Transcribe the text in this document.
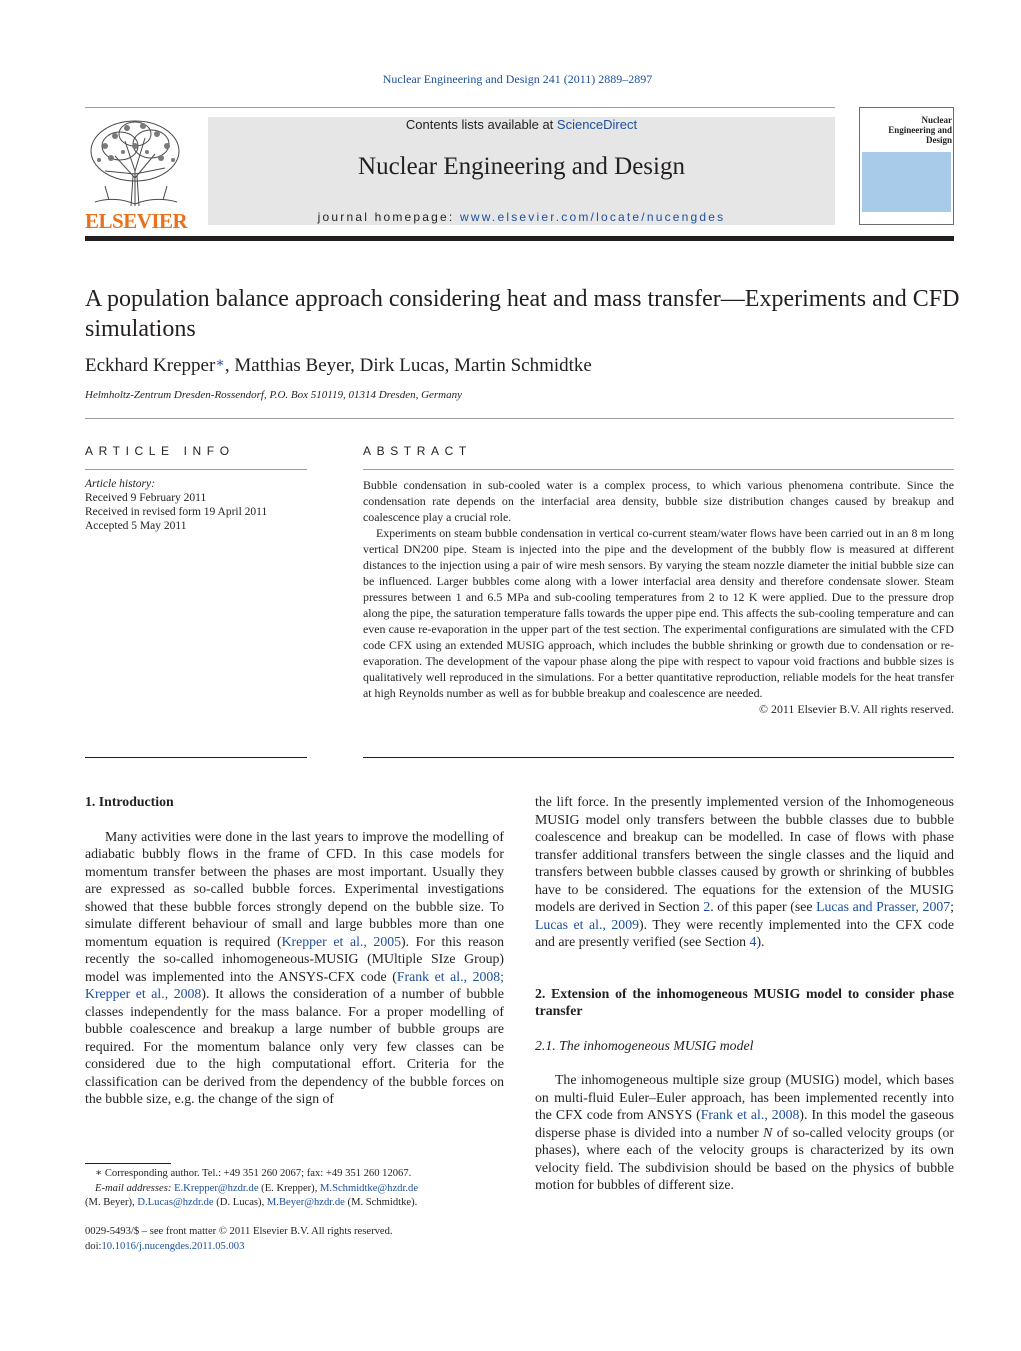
Nuclear Engineering and Design 241 (2011) 2889–2897
ELSEVIER
Contents lists available at ScienceDirect
Nuclear Engineering and Design
journal homepage: www.elsevier.com/locate/nucengdes
Nuclear Engineering and Design
A population balance approach considering heat and mass transfer—Experiments and CFD simulations
Eckhard Krepper∗, Matthias Beyer, Dirk Lucas, Martin Schmidtke
Helmholtz-Zentrum Dresden-Rossendorf, P.O. Box 510119, 01314 Dresden, Germany
ARTICLE INFO	ABSTRACT
Article history:
Received 9 February 2011
Received in revised form 19 April 2011
Accepted 5 May 2011

Bubble condensation in sub-cooled water is a complex process, to which various phenomena contribute. Since the condensation rate depends on the interfacial area density, bubble size distribution changes caused by breakup and coalescence play a crucial role.

Experiments on steam bubble condensation in vertical co-current steam/water flows have been carried out in an 8 m long vertical DN200 pipe. Steam is injected into the pipe and the development of the bubbly flow is measured at different distances to the injection using a pair of wire mesh sensors. By varying the steam nozzle diameter the initial bubble size can be influenced. Larger bubbles come along with a lower interfacial area density and therefore condensate slower. Steam pressures between 1 and 6.5 MPa and sub-cooling temperatures from 2 to 12 K were applied. Due to the pressure drop along the pipe, the saturation temperature falls towards the upper pipe end. This affects the sub-cooling temperature and can even cause re-evaporation in the upper part of the test section. The experimental configurations are simulated with the CFD code CFX using an extended MUSIG approach, which includes the bubble shrinking or growth due to condensation or re-evaporation. The development of the vapour phase along the pipe with respect to vapour void fractions and bubble sizes is qualitatively well reproduced in the simulations. For a better quantitative reproduction, reliable models for the heat transfer at high Reynolds number as well as for bubble breakup and coalescence are needed.

© 2011 Elsevier B.V. All rights reserved.

1. Introduction

Many activities were done in the last years to improve the modelling of adiabatic bubbly flows in the frame of CFD. In this case models for momentum transfer between the phases are most important. Usually they are expressed as so-called bubble forces. Experimental investigations showed that these bubble forces strongly depend on the bubble size. To simulate different behaviour of small and large bubbles more than one momentum equation is required (Krepper et al., 2005). For this reason recently the so-called inhomogeneous-MUSIG (MUltiple SIze Group) model was implemented into the ANSYS-CFX code (Frank et al., 2008; Krepper et al., 2008). It allows the consideration of a number of bubble classes independently for the mass balance. For a proper modelling of bubble coalescence and breakup a large number of bubble groups are required. For the momentum balance only very few classes can be considered due to the high computational effort. Criteria for the classification can be derived from the dependency of the bubble forces on the bubble size, e.g. the change of the sign of

the lift force. In the presently implemented version of the Inhomogeneous MUSIG model only transfers between the bubble classes due to bubble coalescence and breakup can be modelled. In case of flows with phase transfer additional transfers between the single classes and the liquid and transfers between bubble classes caused by growth or shrinking of bubbles have to be considered. The equations for the extension of the MUSIG models are derived in Section 2. of this paper (see Lucas and Prasser, 2007; Lucas et al., 2009). They were recently implemented into the CFX code and are presently verified (see Section 4).

2. Extension of the inhomogeneous MUSIG model to consider phase transfer

2.1. The inhomogeneous MUSIG model

The inhomogeneous multiple size group (MUSIG) model, which bases on multi-fluid Euler–Euler approach, has been implemented recently into the CFX code from ANSYS (Frank et al., 2008). In this model the gaseous disperse phase is divided into a number N of so-called velocity groups (or phases), where each of the velocity groups is characterized by its own velocity field. The subdivision should be based on the physics of bubble motion for bubbles of different size.

∗ Corresponding author. Tel.: +49 351 260 2067; fax: +49 351 260 12067.
E-mail addresses: E.Krepper@hzdr.de (E. Krepper), M.Schmidtke@hzdr.de
(M. Beyer), D.Lucas@hzdr.de (D. Lucas), M.Beyer@hzdr.de (M. Schmidtke).
0029-5493/$ – see front matter © 2011 Elsevier B.V. All rights reserved.
doi:10.1016/j.nucengdes.2011.05.003
